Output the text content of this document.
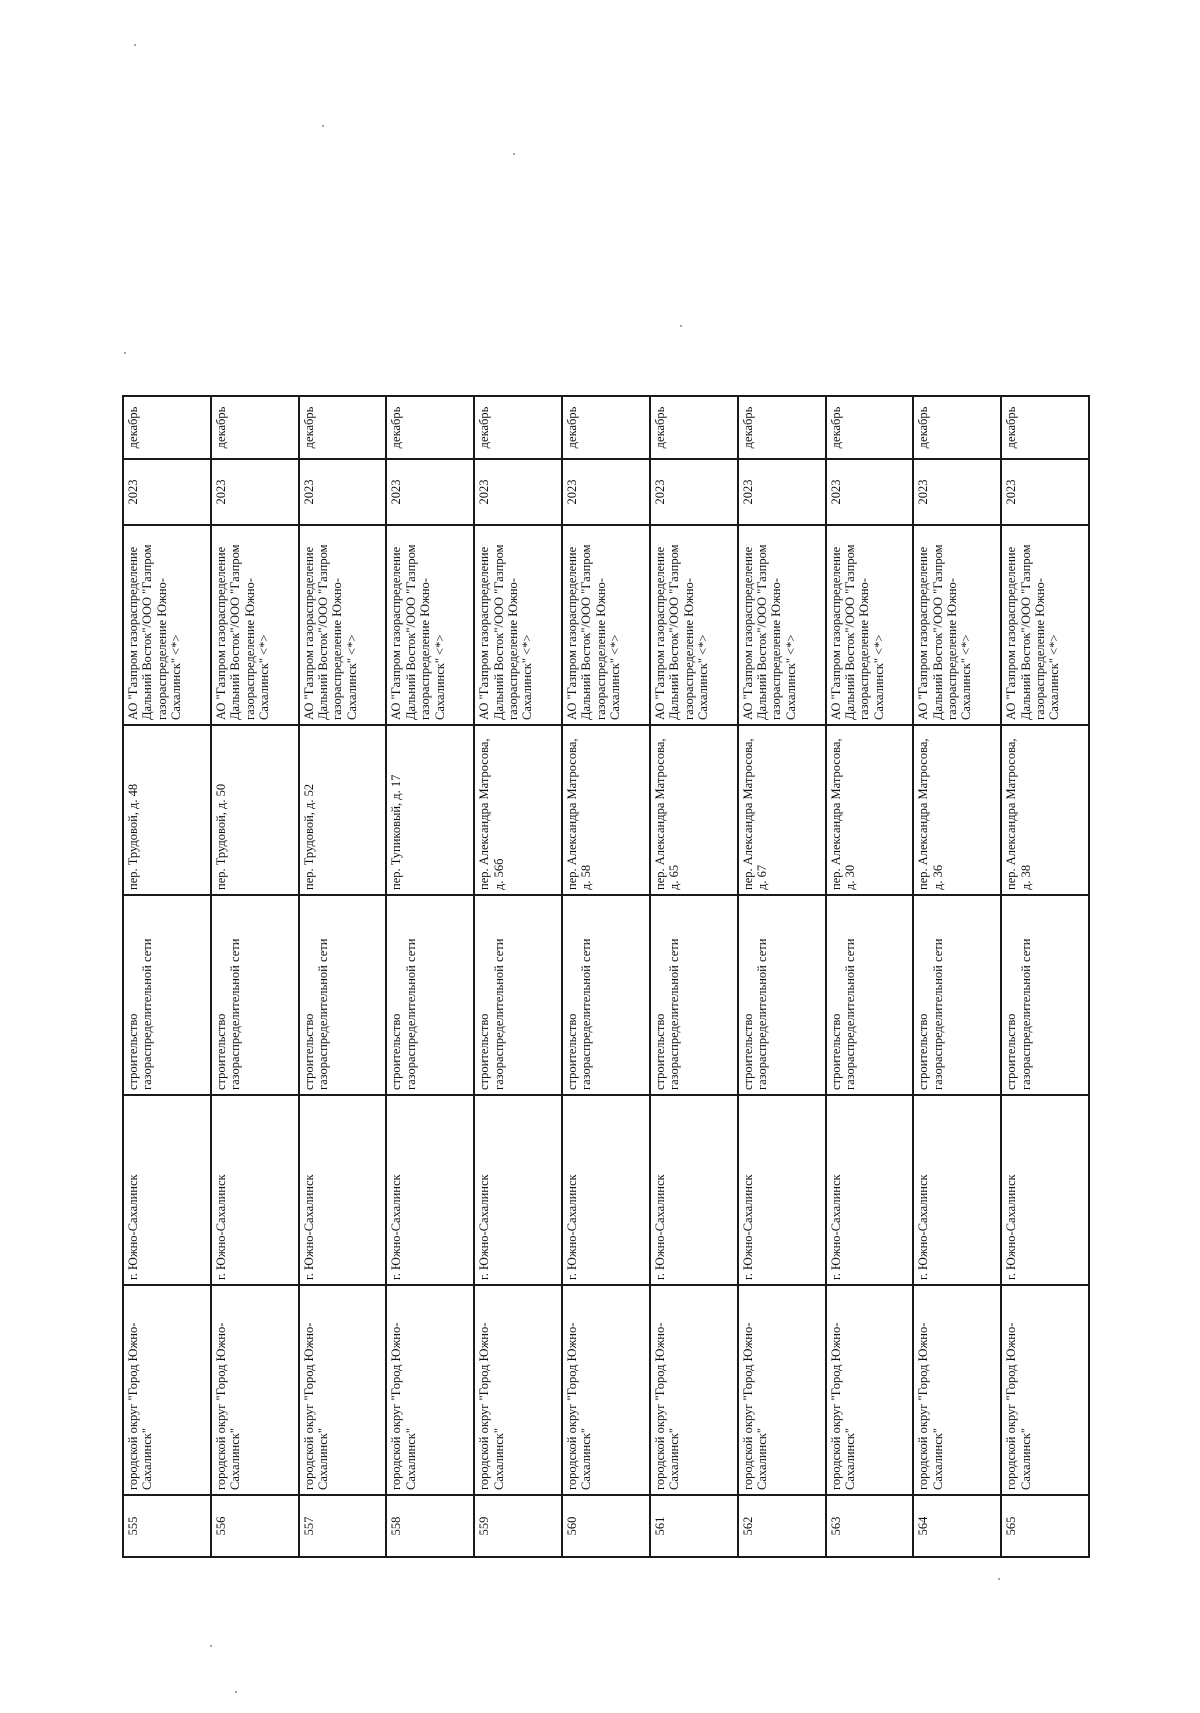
555	городской округ "Город Южно-Сахалинск"	г. Южно-Сахалинск	строительство газораспределительной сети	пер. Трудовой, д. 48	АО "Газпром газораспределение Дальний Восток"/ООО "Газпром газораспределение Южно-Сахалинск" <*>	2023	декабрь
556	городской округ "Город Южно-Сахалинск"	г. Южно-Сахалинск	строительство газораспределительной сети	пер. Трудовой, д. 50	АО "Газпром газораспределение Дальний Восток"/ООО "Газпром газораспределение Южно-Сахалинск" <*>	2023	декабрь
557	городской округ "Город Южно-Сахалинск"	г. Южно-Сахалинск	строительство газораспределительной сети	пер. Трудовой, д. 52	АО "Газпром газораспределение Дальний Восток"/ООО "Газпром газораспределение Южно-Сахалинск" <*>	2023	декабрь
558	городской округ "Город Южно-Сахалинск"	г. Южно-Сахалинск	строительство газораспределительной сети	пер. Тупиковый, д. 17	АО "Газпром газораспределение Дальний Восток"/ООО "Газпром газораспределение Южно-Сахалинск" <*>	2023	декабрь
559	городской округ "Город Южно-Сахалинск"	г. Южно-Сахалинск	строительство газораспределительной сети	пер. Александра Матросова, д. 56б	АО "Газпром газораспределение Дальний Восток"/ООО "Газпром газораспределение Южно-Сахалинск" <*>	2023	декабрь
560	городской округ "Город Южно-Сахалинск"	г. Южно-Сахалинск	строительство газораспределительной сети	пер. Александра Матросова, д. 58	АО "Газпром газораспределение Дальний Восток"/ООО "Газпром газораспределение Южно-Сахалинск" <*>	2023	декабрь
561	городской округ "Город Южно-Сахалинск"	г. Южно-Сахалинск	строительство газораспределительной сети	пер. Александра Матросова, д. 65	АО "Газпром газораспределение Дальний Восток"/ООО "Газпром газораспределение Южно-Сахалинск" <*>	2023	декабрь
562	городской округ "Город Южно-Сахалинск"	г. Южно-Сахалинск	строительство газораспределительной сети	пер. Александра Матросова, д. 67	АО "Газпром газораспределение Дальний Восток"/ООО "Газпром газораспределение Южно-Сахалинск" <*>	2023	декабрь
563	городской округ "Город Южно-Сахалинск"	г. Южно-Сахалинск	строительство газораспределительной сети	пер. Александра Матросова, д. 30	АО "Газпром газораспределение Дальний Восток"/ООО "Газпром газораспределение Южно-Сахалинск" <*>	2023	декабрь
564	городской округ "Город Южно-Сахалинск"	г. Южно-Сахалинск	строительство газораспределительной сети	пер. Александра Матросова, д. 36	АО "Газпром газораспределение Дальний Восток"/ООО "Газпром газораспределение Южно-Сахалинск" <*>	2023	декабрь
565	городской округ "Город Южно-Сахалинск"	г. Южно-Сахалинск	строительство газораспределительной сети	пер. Александра Матросова, д. 38	АО "Газпром газораспределение Дальний Восток"/ООО "Газпром газораспределение Южно-Сахалинск" <*>	2023	декабрь
